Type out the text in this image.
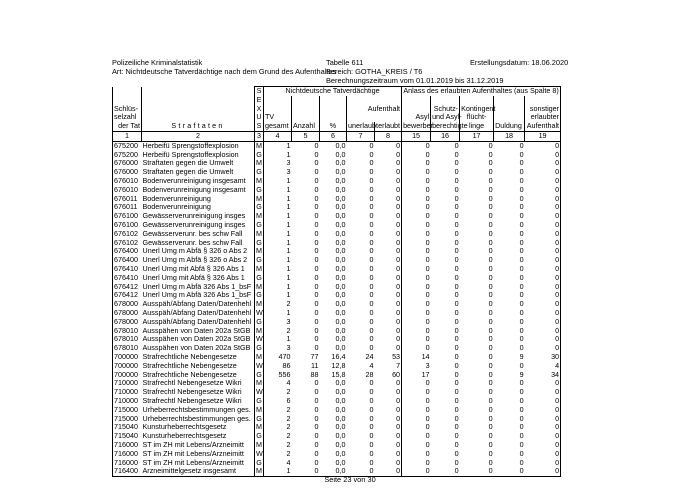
Polizeiliche Kriminalstatistik
Art: Nichtdeutsche Tatverdächtige nach dem Grund des Aufenthaltes
Tabelle 611
Bereich: GOTHA_KREIS / T6
Berechnungszeitraum vom 01.01.2019 bis 31.12.2019
Erstellungsdatum: 18.06.2020
		S	Nichtdeutsche Tatverdächtige					Anlass des erlaubten Aufenthaltes (aus Spalte 8)				
		E										
Schlüs-		X				Aufenthalt			Schutz-	Kontingent		sonstiger
selzahl		U	TV					Asyl	und Asyl-	flücht-		erlaubter
der Tat	Straftaten	S	gesamt	Anzahl	%	unerlaubt	erlaubt	bewerber	berechtigte	linge	Duldung	Aufenthalt
1	2	3	4	5	6	7	8	15	16	17	18	19
675200	Herbeifü Sprengstoffexplosion	M	1	0	0,0	0	0	0	0	0	0	0
675200	Herbeifü Sprengstoffexplosion	G	1	0	0,0	0	0	0	0	0	0	0
676000	Straftaten gegen die Umwelt	M	3	0	0,0	0	0	0	0	0	0	0
676000	Straftaten gegen die Umwelt	G	3	0	0,0	0	0	0	0	0	0	0
676010	Bodenverunreinigung insgesamt	M	1	0	0,0	0	0	0	0	0	0	0
676010	Bodenverunreinigung insgesamt	G	1	0	0,0	0	0	0	0	0	0	0
676011	Bodenverunreinigung	M	1	0	0,0	0	0	0	0	0	0	0
676011	Bodenverunreinigung	G	1	0	0,0	0	0	0	0	0	0	0
676100	Gewässerverunreinigung insges	M	1	0	0,0	0	0	0	0	0	0	0
676100	Gewässerverunreinigung insges	G	1	0	0,0	0	0	0	0	0	0	0
676102	Gewässerverunr. bes schw Fall	M	1	0	0,0	0	0	0	0	0	0	0
676102	Gewässerverunr. bes schw Fall	G	1	0	0,0	0	0	0	0	0	0	0
676400	Unerl Umg m Abfä § 326 o Abs 2	M	1	0	0,0	0	0	0	0	0	0	0
676400	Unerl Umg m Abfä § 326 o Abs 2	G	1	0	0,0	0	0	0	0	0	0	0
676410	Unerl Umg mit Abfä § 326 Abs 1	M	1	0	0,0	0	0	0	0	0	0	0
676410	Unerl Umg mit Abfä § 326 Abs 1	G	1	0	0,0	0	0	0	0	0	0	0
676412	Unerl Umg m Abfä 326 Abs 1_bsF	M	1	0	0,0	0	0	0	0	0	0	0
676412	Unerl Umg m Abfä 326 Abs 1_bsF	G	1	0	0,0	0	0	0	0	0	0	0
678000	Ausspäh/Abfang Daten/Datenhehl	M	2	0	0,0	0	0	0	0	0	0	0
678000	Ausspäh/Abfang Daten/Datenhehl	W	1	0	0,0	0	0	0	0	0	0	0
678000	Ausspäh/Abfang Daten/Datenhehl	G	3	0	0,0	0	0	0	0	0	0	0
678010	Ausspähen von Daten 202a StGB	M	2	0	0,0	0	0	0	0	0	0	0
678010	Ausspähen von Daten 202a StGB	W	1	0	0,0	0	0	0	0	0	0	0
678010	Ausspähen von Daten 202a StGB	G	3	0	0,0	0	0	0	0	0	0	0
700000	Strafrechtliche Nebengesetze	M	470	77	16,4	24	53	14	0	0	9	30
700000	Strafrechtliche Nebengesetze	W	86	11	12,8	4	7	3	0	0	0	4
700000	Strafrechtliche Nebengesetze	G	556	88	15,8	28	60	17	0	0	9	34
710000	Strafrechtl Nebengesetze Wikri	M	4	0	0,0	0	0	0	0	0	0	0
710000	Strafrechtl Nebengesetze Wikri	W	2	0	0,0	0	0	0	0	0	0	0
710000	Strafrechtl Nebengesetze Wikri	G	6	0	0,0	0	0	0	0	0	0	0
715000	Urheberrechtsbestimmungen ges.	M	2	0	0,0	0	0	0	0	0	0	0
715000	Urheberrechtsbestimmungen ges.	G	2	0	0,0	0	0	0	0	0	0	0
715040	Kunsturheberrechtsgesetz	M	2	0	0,0	0	0	0	0	0	0	0
715040	Kunsturheberrechtsgesetz	G	2	0	0,0	0	0	0	0	0	0	0
716000	ST im ZH mit Lebens/Arzneimitt	M	2	0	0,0	0	0	0	0	0	0	0
716000	ST im ZH mit Lebens/Arzneimitt	W	2	0	0,0	0	0	0	0	0	0	0
716000	ST im ZH mit Lebens/Arzneimitt	G	4	0	0,0	0	0	0	0	0	0	0
716400	Arzneimittelgesetz insgesamt	M	1	0	0,0	0	0	0	0	0	0	0
Seite 23 von 30
